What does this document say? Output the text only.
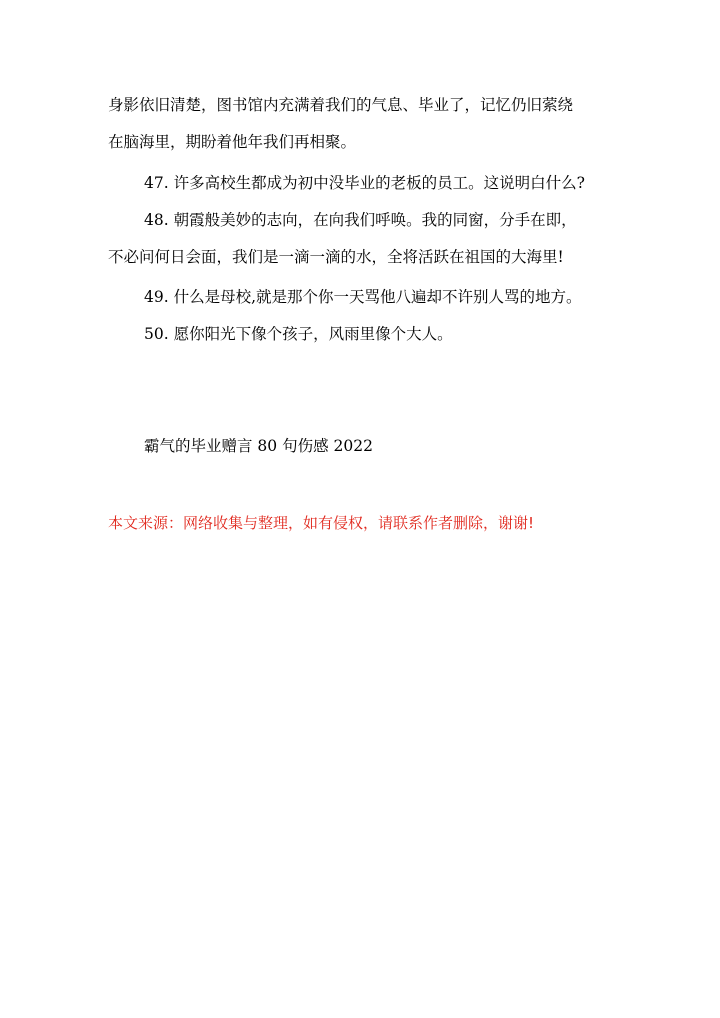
身影依旧清楚，图书馆内充满着我们的气息、毕业了，记忆仍旧萦绕
在脑海里，期盼着他年我们再相聚。
47. 许多高校生都成为初中没毕业的老板的员工。这说明白什么?
48. 朝霞般美妙的志向，在向我们呼唤。我的同窗，分手在即，
不必问何日会面，我们是一滴一滴的水，全将活跃在祖国的大海里!
49. 什么是母校,就是那个你一天骂他八遍却不许别人骂的地方。
50. 愿你阳光下像个孩子，风雨里像个大人。
霸气的毕业赠言 80 句伤感 2022
本文来源：网络收集与整理，如有侵权，请联系作者删除，谢谢!
